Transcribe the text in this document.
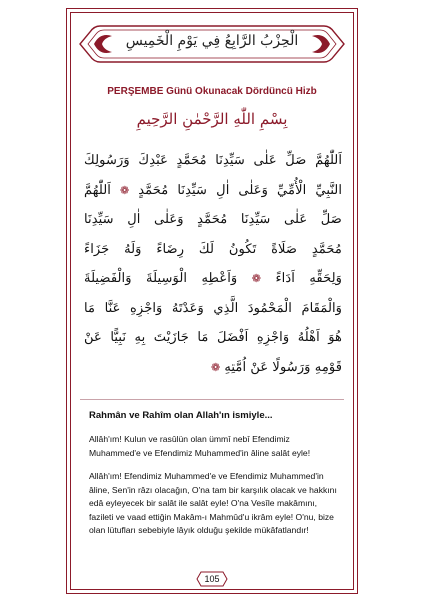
الْحِزْبُ الرَّابِعُ فِي يَوْمِ الْخَمِيسِ
PERŞEMBE Günü Okunacak Dördüncü Hizb
بِسْمِ اللّٰهِ الرَّحْمٰنِ الرَّحِيمِ
اَللّٰهُمَّ صَلِّ عَلٰى سَيِّدِنَا مُحَمَّدٍ عَبْدِكَ وَرَسُولِكَ
النَّبِيِّ الْأُمِّيِّ وَعَلٰى اٰلِ سَيِّدِنَا مُحَمَّدٍ ❁ اَللّٰهُمَّ
صَلِّ عَلٰى سَيِّدِنَا مُحَمَّدٍ وَعَلٰى اٰلِ سَيِّدِنَا
مُحَمَّدٍ صَلَاةً تَكُونُ لَكَ رِضَاءً وَلَهُ جَزَاءً
وَلِحَقِّهِ اَدَاءً ❁ وَاَعْطِهِ الْوَسِيلَةَ وَالْفَضِيلَةَ
وَالْمَقَامَ الْمَحْمُودَ الَّذِي وَعَدْتَهُ وَاجْزِهِ عَنَّا مَا
هُوَ اَهْلُهُ وَاجْزِهِ اَفْضَلَ مَا جَازَيْتَ بِهِ نَبِيًّا عَنْ
قَوْمِهِ وَرَسُولًا عَنْ اُمَّتِهِ ❁
Rahmân ve Rahîm olan Allah'ın ismiyle...

Allâh'ım! Kulun ve rasûlün olan ümmî nebî Efendimiz Muhammed'e ve Efendimiz Muhammed'in âline salât eyle!

Allâh'ım! Efendimiz Muhammed'e ve Efendimiz Muhammed'in âline, Sen'in râzı olacağın, O'na tam bir karşılık olacak ve hakkını edâ eyleyecek bir salât ile salât eyle! O'na Vesîle makâmını, fazileti ve vaad ettiğin Makâm-ı Mahmûd'u ikrâm eyle! O'nu, bize olan lütufları sebebiyle lâyık olduğu şekilde mükâfatlandır!

105
